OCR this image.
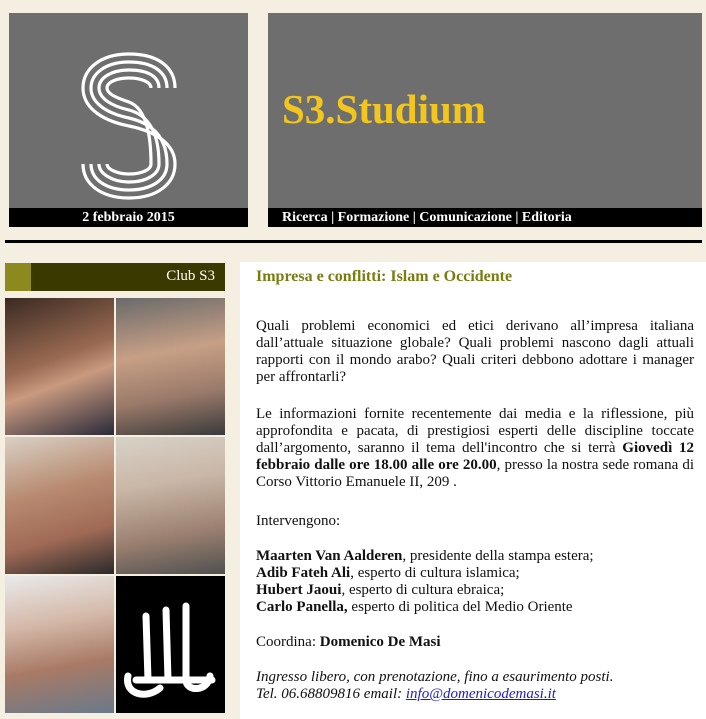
2 febbraio 2015
S3.Studium
Ricerca | Formazione | Comunicazione | Editoria
Club S3	Impresa e conflitti: Islam e Occidente

Quali problemi economici ed etici derivano all’impresa italiana dall’attuale situazione globale? Quali problemi nascono dagli attuali rapporti con il mondo arabo? Quali criteri debbono adottare i manager per affrontarli?

Le informazioni fornite recentemente dai media e la riflessione, più approfondita e pacata, di prestigiosi esperti delle discipline toccate dall’argomento, saranno il tema dell'incontro che si terrà Giovedì 12 febbraio dalle ore 18.00 alle ore 20.00, presso la nostra sede romana di Corso Vittorio Emanuele II, 209 .

Intervengono:
Maarten Van Aalderen, presidente della stampa estera;
Adib Fateh Ali, esperto di cultura islamica;
Hubert Jaoui, esperto di cultura ebraica;
Carlo Panella, esperto di politica del Medio Oriente
Coordina: Domenico De Masi
Ingresso libero, con prenotazione, fino a esaurimento posti.
Tel. 06.68809816 email: info@domenicodemasi.it
